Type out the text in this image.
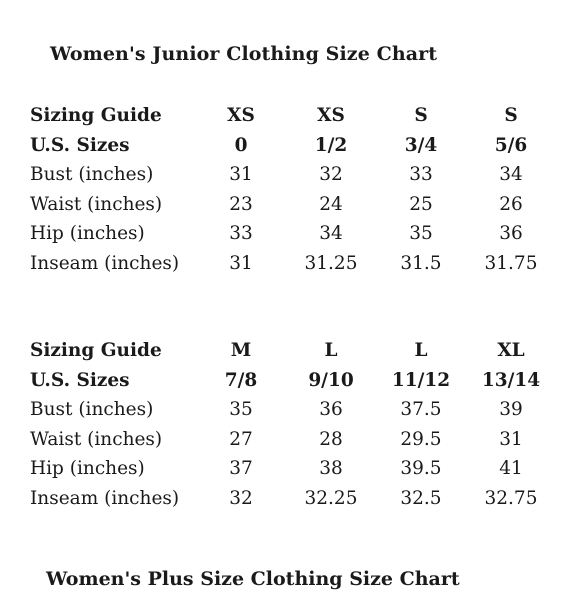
Women's Junior Clothing Size Chart
Sizing Guide	XS	XS	S	S
U.S. Sizes	0	1/2	3/4	5/6
Bust (inches)	31	32	33	34
Waist (inches)	23	24	25	26
Hip (inches)	33	34	35	36
Inseam (inches)	31	31.25	31.5	31.75
Sizing Guide	M	L	L	XL
U.S. Sizes	7/8	9/10	11/12	13/14
Bust (inches)	35	36	37.5	39
Waist (inches)	27	28	29.5	31
Hip (inches)	37	38	39.5	41
Inseam (inches)	32	32.25	32.5	32.75
Women's Plus Size Clothing Size Chart
